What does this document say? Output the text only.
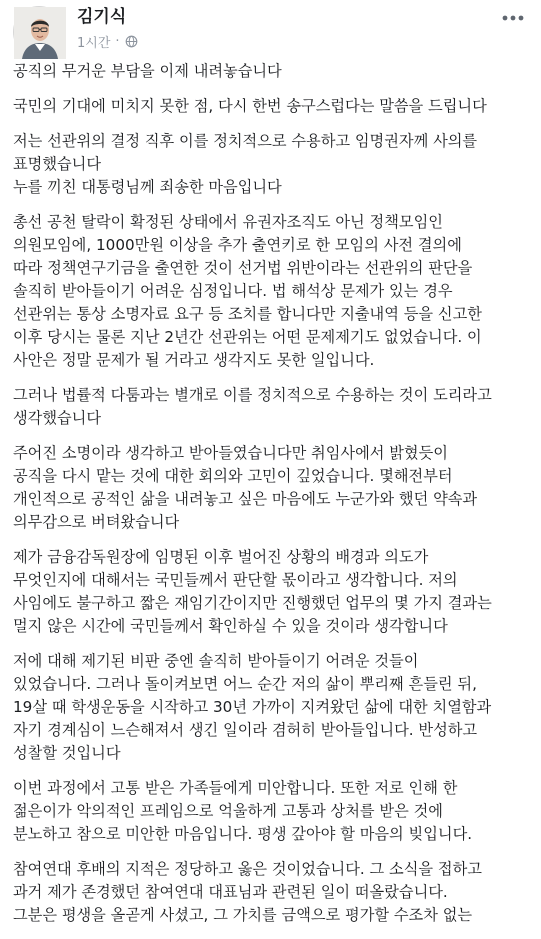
김기식
1시간 ·
공직의 무거운 부담을 이제 내려놓습니다
국민의 기대에 미치지 못한 점, 다시 한번 송구스럽다는 말씀을 드립니다
저는 선관위의 결정 직후 이를 정치적으로 수용하고 임명권자께 사의를
표명했습니다
누를 끼친 대통령님께 죄송한 마음입니다
총선 공천 탈락이 확정된 상태에서 유권자조직도 아닌 정책모임인
의원모임에, 1000만원 이상을 추가 출연키로 한 모임의 사전 결의에
따라 정책연구기금을 출연한 것이 선거법 위반이라는 선관위의 판단을
솔직히 받아들이기 어려운 심정입니다. 법 해석상 문제가 있는 경우
선관위는 통상 소명자료 요구 등 조치를 합니다만 지출내역 등을 신고한
이후 당시는 물론 지난 2년간 선관위는 어떤 문제제기도 없었습니다. 이
사안은 정말 문제가 될 거라고 생각지도 못한 일입니다.
그러나 법률적 다툼과는 별개로 이를 정치적으로 수용하는 것이 도리라고
생각했습니다
주어진 소명이라 생각하고 받아들였습니다만 취임사에서 밝혔듯이
공직을 다시 맡는 것에 대한 회의와 고민이 깊었습니다. 몇해전부터
개인적으로 공적인 삶을 내려놓고 싶은 마음에도 누군가와 했던 약속과
의무감으로 버텨왔습니다
제가 금융감독원장에 임명된 이후 벌어진 상황의 배경과 의도가
무엇인지에 대해서는 국민들께서 판단할 몫이라고 생각합니다. 저의
사임에도 불구하고 짧은 재임기간이지만 진행했던 업무의 몇 가지 결과는
멀지 않은 시간에 국민들께서 확인하실 수 있을 것이라 생각합니다
저에 대해 제기된 비판 중엔 솔직히 받아들이기 어려운 것들이
있었습니다. 그러나 돌이켜보면 어느 순간 저의 삶이 뿌리째 흔들린 뒤,
19살 때 학생운동을 시작하고 30년 가까이 지켜왔던 삶에 대한 치열함과
자기 경계심이 느슨해져서 생긴 일이라 겸허히 받아들입니다. 반성하고
성찰할 것입니다
이번 과정에서 고통 받은 가족들에게 미안합니다. 또한 저로 인해 한
젊은이가 악의적인 프레임으로 억울하게 고통과 상처를 받은 것에
분노하고 참으로 미안한 마음입니다. 평생 갚아야 할 마음의 빚입니다.
참여연대 후배의 지적은 정당하고 옳은 것이었습니다. 그 소식을 접하고
과거 제가 존경했던 참여연대 대표님과 관련된 일이 떠올랐습니다.
그분은 평생을 올곧게 사셨고, 그 가치를 금액으로 평가할 수조차 없는
